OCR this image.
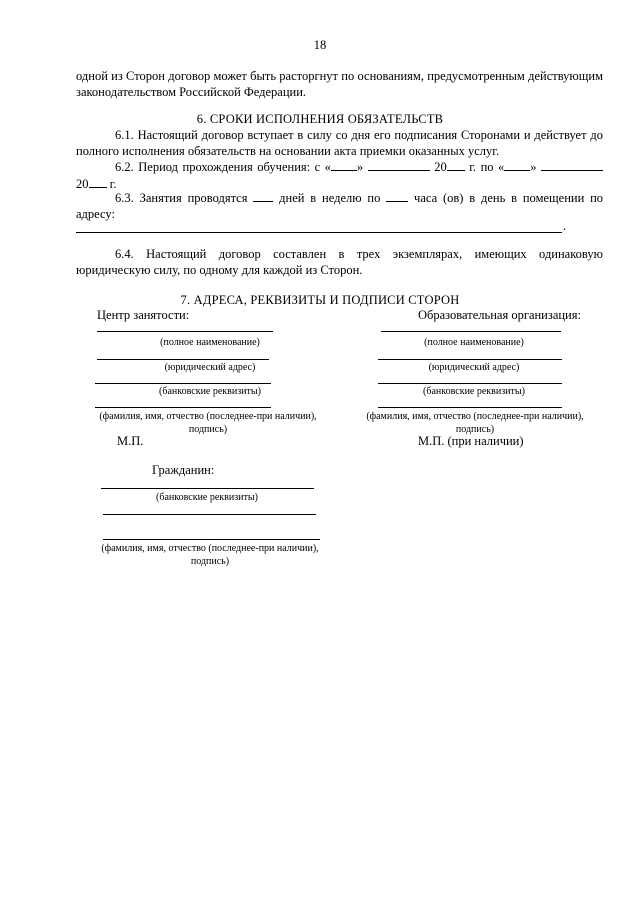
18
одной из Сторон договор может быть расторгнут по основаниям, предусмотренным действующим законодательством Российской Федерации.
6. СРОКИ ИСПОЛНЕНИЯ ОБЯЗАТЕЛЬСТВ
6.1. Настоящий договор вступает в силу со дня его подписания Сторонами и действует до полного исполнения обязательств на основании акта приемки оказанных услуг.
6.2. Период прохождения обучения: с « »	20 г. по « »  20 г.
6.3. Занятия проводятся	дней в неделю по	часа (ов) в день в помещении по адресу:
.
6.4. Настоящий договор составлен в трех экземплярах, имеющих одинаковую юридическую силу, по одному для каждой из Сторон.
7. АДРЕСА, РЕКВИЗИТЫ И ПОДПИСИ СТОРОН
Центр занятости:
(полное наименование)
(юридический адрес)
(банковские реквизиты)
(фамилия, имя, отчество (последнее-при наличии), подпись)
М.П.
Образовательная организация:
(полное наименование)
(юридический адрес)
(банковские реквизиты)
(фамилия, имя, отчество (последнее-при наличии), подпись)
М.П. (при наличии)
Гражданин:
(банковские реквизиты)
(фамилия, имя, отчество (последнее-при наличии), подпись)
